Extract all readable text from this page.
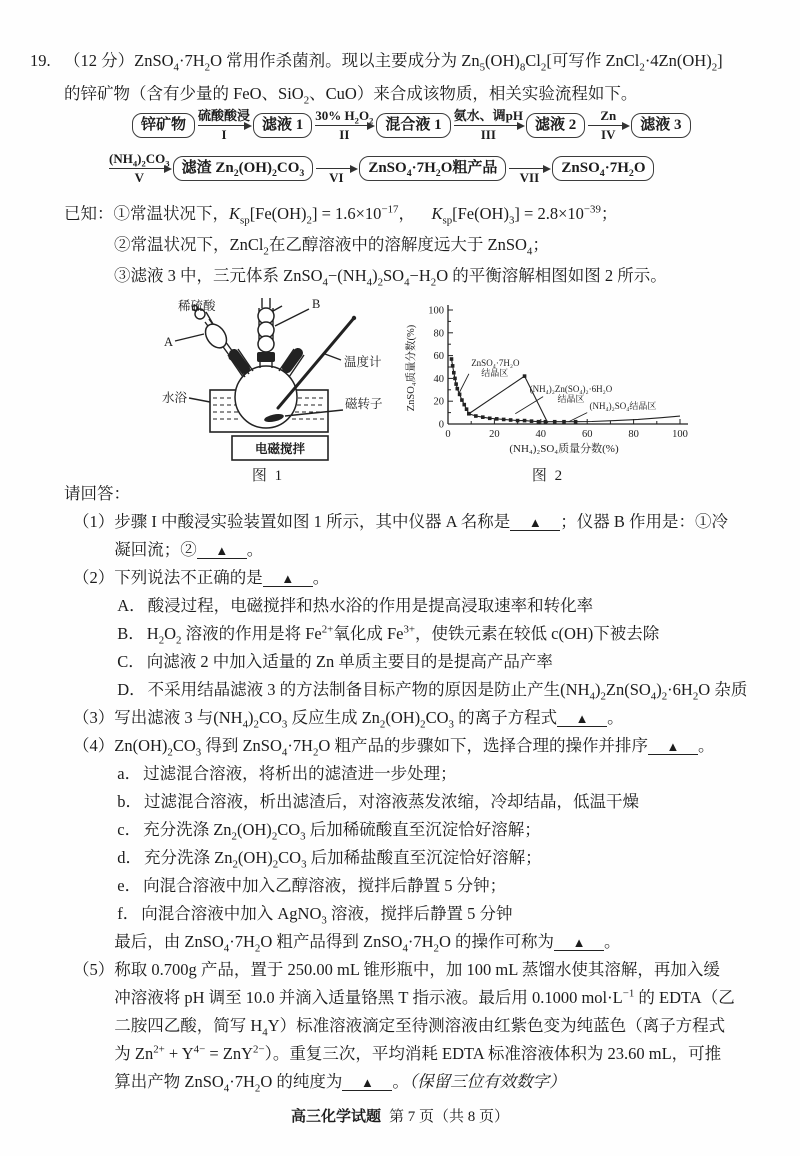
19. （12 分）$ZnSO_4\cdot 7H_2O$ 常用作杀菌剂。现以主要成分为 $Zn_5(OH)_8Cl_2$[可写作 $ZnCl_2\cdot 4Zn(OH)_2$]
的锌矿物（含有少量的 FeO、SiO$_2$、CuO）来合成该物质，相关实验流程如下。
锌矿物
硫酸酸浸
I
滤液 1
30% $H_2O_2$
II
混合液 1
氨水、调pH
III
滤液 2
Zn
IV
滤液 3
$(NH_4)_2CO_3$
V
滤渣 $Zn_2(OH)_2CO_3$	VI
$ZnSO_4\cdot 7H_2O$粗产品
VII
$ZnSO_4\cdot 7H_2O$
已知：①常温状况下，$K_{sp}[Fe(OH)_2] = 1.6\times 10^{-17}$， $K_{sp}[Fe(OH)_3] = 2.8\times 10^{-39}$；
②常温状况下，ZnCl$_2$在乙醇溶液中的溶解度远大于 ZnSO$_4$；
③滤液 3 中，三元体系 $ZnSO_4-(NH_4)_2SO_4-H_2O$ 的平衡溶解相图如图 2 所示。
电磁搅拌
稀硫酸
A
B
温度计
水浴	磁转子
图 1
0
0
20
20
40
40
60
60
80
80
100
100
ZnSO₄·7H₂O
结晶区
(NH₄)₂Zn(SO₄)₂·6H₂O
结晶区
(NH₄)₂SO₄结晶区
(NH₄)₂SO₄质量分数(%)
ZnSO₄质量分数(%)
图 2
请回答：
（1） 步骤 I 中酸浸实验装置如图 1 所示，其中仪器 A 名称是 ▲ ；仪器 B 作用是：①冷
凝回流；② ▲ 。
（2） 下列说法不正确的是 ▲ 。
A． 酸浸过程，电磁搅拌和热水浴的作用是提高浸取速率和转化率
B． $H_2O_2$ 溶液的作用是将 $Fe^{2+}$氧化成 $Fe^{3+}$，使铁元素在较低 c(OH)下被去除
C． 向滤液 2 中加入适量的 Zn 单质主要目的是提高产品产率
D． 不采用结晶滤液 3 的方法制备目标产物的原因是防止产生$(NH_4)_2Zn(SO_4)_2\cdot 6H_2O$ 杂质
（3） 写出滤液 3 与$(NH_4)_2CO_3$ 反应生成 $Zn_2(OH)_2CO_3$ 的离子方程式 ▲ 。
（4） $Zn(OH)_2CO_3$ 得到 $ZnSO_4\cdot 7H_2O$ 粗产品的步骤如下，选择合理的操作并排序 ▲ 。
a． 过滤混合溶液，将析出的滤渣进一步处理；
b． 过滤混合溶液，析出滤渣后，对溶液蒸发浓缩，冷却结晶，低温干燥
c． 充分洗涤 $Zn_2(OH)_2CO_3$ 后加稀硫酸直至沉淀恰好溶解；
d． 充分洗涤 $Zn_2(OH)_2CO_3$ 后加稀盐酸直至沉淀恰好溶解；
e． 向混合溶液中加入乙醇溶液，搅拌后静置 5 分钟；
f． 向混合溶液中加入 AgNO$_3$ 溶液，搅拌后静置 5 分钟
最后，由 $ZnSO_4\cdot 7H_2O$ 粗产品得到 $ZnSO_4\cdot 7H_2O$ 的操作可称为 ▲ 。
（5） 称取 0.700g 产品，置于 250.00 mL 锥形瓶中，加 100 mL 蒸馏水使其溶解，再加入缓
冲溶液将 pH 调至 10.0 并滴入适量铬黑 T 指示液。最后用 0.1000 $mol\cdot L^{-1}$ 的 EDTA（乙
二胺四乙酸，简写 $H_4Y$）标准溶液滴定至待测溶液由红紫色变为纯蓝色（离子方程式
为 $Zn^{2+} + Y^{4-} = ZnY^{2-}$）。重复三次，平均消耗 EDTA 标准溶液体积为 23.60 mL，可推
算出产物 $ZnSO_4\cdot 7H_2O$ 的纯度为 ▲ 。（保留三位有效数字）
高三化学试题 第 7 页（共 8 页）
